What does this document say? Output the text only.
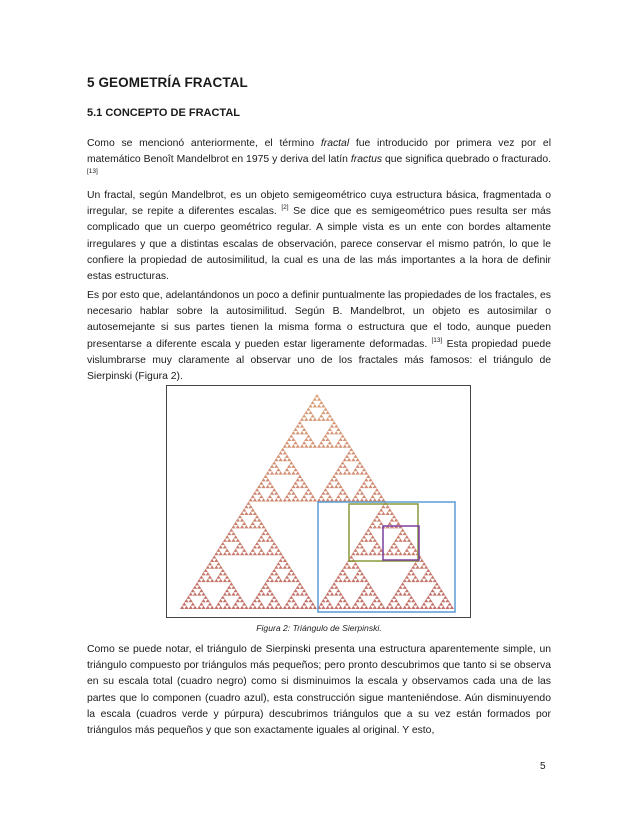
5 GEOMETRÍA FRACTAL
5.1 CONCEPTO DE FRACTAL

Como se mencionó anteriormente, el término fractal fue introducido por primera vez por el matemático Benoît Mandelbrot en 1975 y deriva del latín fractus que significa quebrado o fracturado. [13]

Un fractal, según Mandelbrot, es un objeto semigeométrico cuya estructura básica, fragmentada o irregular, se repite a diferentes escalas. [2] Se dice que es semigeométrico pues resulta ser más complicado que un cuerpo geométrico regular. A simple vista es un ente con bordes altamente irregulares y que a distintas escalas de observación, parece conservar el mismo patrón, lo que le confiere la propiedad de autosimilitud, la cual es una de las más importantes a la hora de definir estas estructuras.

Es por esto que, adelantándonos un poco a definir puntualmente las propiedades de los fractales, es necesario hablar sobre la autosimilitud. Según B. Mandelbrot, un objeto es autosimilar o autosemejante si sus partes tienen la misma forma o estructura que el todo, aunque pueden presentarse a diferente escala y pueden estar ligeramente deformadas. [13] Esta propiedad puede vislumbrarse muy claramente al observar uno de los fractales más famosos: el triángulo de Sierpinski (Figura 2).

Figura 2: Triángulo de Sierpinski.

Como se puede notar, el triángulo de Sierpinski presenta una estructura aparentemente simple, un triángulo compuesto por triángulos más pequeños; pero pronto descubrimos que tanto si se observa en su escala total (cuadro negro) como si disminuimos la escala y observamos cada una de las partes que lo componen (cuadro azul), esta construcción sigue manteniéndose. Aún disminuyendo la escala (cuadros verde y púrpura) descubrimos triángulos que a su vez están formados por triángulos más pequeños y que son exactamente iguales al original. Y esto,

5
